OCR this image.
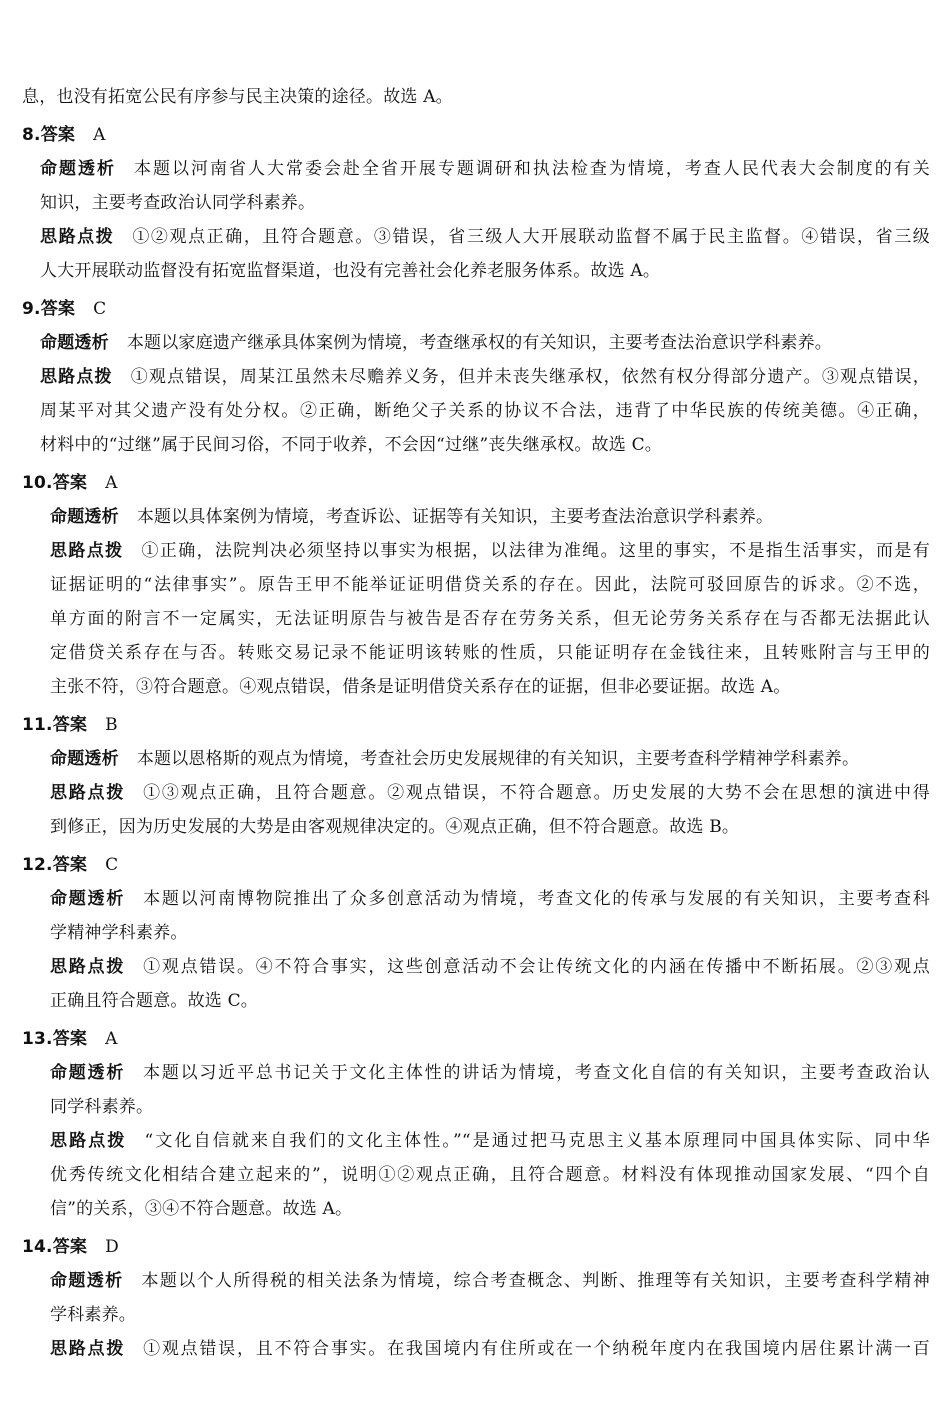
息，也没有拓宽公民有序参与民主决策的途径。故选 A。
8.答案 A
命题透析 本题以河南省人大常委会赴全省开展专题调研和执法检查为情境，考查人民代表大会制度的有关
知识，主要考查政治认同学科素养。
思路点拨 ①②观点正确，且符合题意。③错误，省三级人大开展联动监督不属于民主监督。④错误，省三级
人大开展联动监督没有拓宽监督渠道，也没有完善社会化养老服务体系。故选 A。
9.答案 C
命题透析 本题以家庭遗产继承具体案例为情境，考查继承权的有关知识，主要考查法治意识学科素养。
思路点拨 ①观点错误，周某江虽然未尽赡养义务，但并未丧失继承权，依然有权分得部分遗产。③观点错误，
周某平对其父遗产没有处分权。②正确，断绝父子关系的协议不合法，违背了中华民族的传统美德。④正确，
材料中的“过继”属于民间习俗，不同于收养，不会因“过继”丧失继承权。故选 C。
10.答案 A
命题透析 本题以具体案例为情境，考查诉讼、证据等有关知识，主要考查法治意识学科素养。
思路点拨 ①正确，法院判决必须坚持以事实为根据，以法律为准绳。这里的事实，不是指生活事实，而是有
证据证明的“法律事实”。原告王甲不能举证证明借贷关系的存在。因此，法院可驳回原告的诉求。②不选，
单方面的附言不一定属实，无法证明原告与被告是否存在劳务关系，但无论劳务关系存在与否都无法据此认
定借贷关系存在与否。转账交易记录不能证明该转账的性质，只能证明存在金钱往来，且转账附言与王甲的
主张不符，③符合题意。④观点错误，借条是证明借贷关系存在的证据，但非必要证据。故选 A。
11.答案 B
命题透析 本题以恩格斯的观点为情境，考查社会历史发展规律的有关知识，主要考查科学精神学科素养。
思路点拨 ①③观点正确，且符合题意。②观点错误，不符合题意。历史发展的大势不会在思想的演进中得
到修正，因为历史发展的大势是由客观规律决定的。④观点正确，但不符合题意。故选 B。
12.答案 C
命题透析 本题以河南博物院推出了众多创意活动为情境，考查文化的传承与发展的有关知识，主要考查科
学精神学科素养。
思路点拨 ①观点错误。④不符合事实，这些创意活动不会让传统文化的内涵在传播中不断拓展。②③观点
正确且符合题意。故选 C。
13.答案 A
命题透析 本题以习近平总书记关于文化主体性的讲话为情境，考查文化自信的有关知识，主要考查政治认
同学科素养。
思路点拨 “文化自信就来自我们的文化主体性。”“是通过把马克思主义基本原理同中国具体实际、同中华
优秀传统文化相结合建立起来的”，说明①②观点正确，且符合题意。材料没有体现推动国家发展、“四个自
信”的关系，③④不符合题意。故选 A。
14.答案 D
命题透析 本题以个人所得税的相关法条为情境，综合考查概念、判断、推理等有关知识，主要考查科学精神
学科素养。
思路点拨 ①观点错误，且不符合事实。在我国境内有住所或在一个纳税年度内在我国境内居住累计满一百
